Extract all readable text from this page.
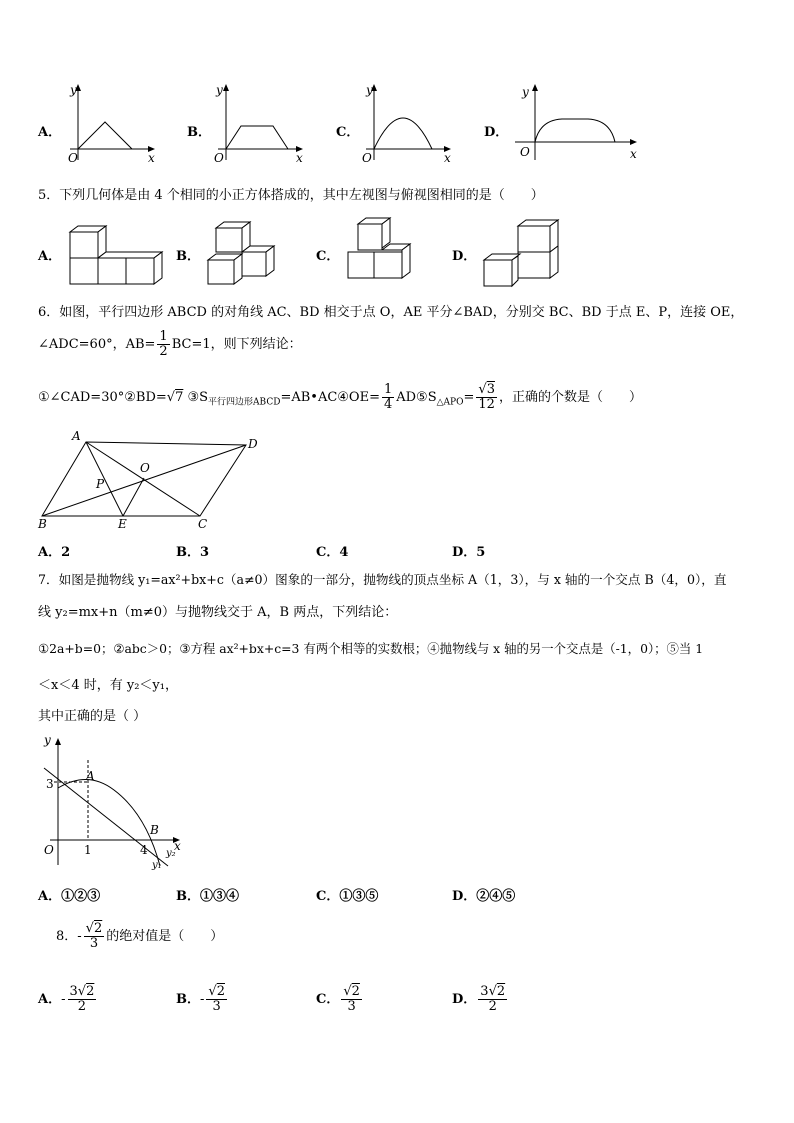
A．
O
y
x
B．
O
y
x
C．
O
y
x
D．
O
y
x
5．下列几何体是由 4 个相同的小正方体搭成的，其中左视图与俯视图相同的是（　　）
A．	B．	C．	D．
6．如图，平行四边形 ABCD 的对角线 AC、BD 相交于点 O，AE 平分∠BAD，分别交 BC、BD 于点 E、P，连接 OE，
∠ADC=60°，$AB= \frac{1}{2} BC=1$，则下列结论：
①∠CAD=30°②BD=√7 $③S_{平行四边形ABCD}=AB•AC④OE= \frac{1}{4}$ $AD⑤S_{\triangle APO}= \frac{√3}{12}$ ，正确的个数是（　　）
A
D
O
P
B	E	C
A．2	B．3	C．4	D．5
7．如图是抛物线 y₁=ax²+bx+c（a≠0）图象的一部分，抛物线的顶点坐标 A（1，3），与 x 轴的一个交点 B（4，0），直
线 y₂=mx+n（m≠0）与抛物线交于 A，B 两点，下列结论：
①2a+b=0；②abc＞0；③方程 ax²+bx+c=3 有两个相等的实数根；④抛物线与 x 轴的另一个交点是（-1，0）；⑤当 1
＜x＜4 时，有 y₂＜y₁，
其中正确的是（ ）
y
x
O
A
B
y₂
y₁
3
1	4
A．①②③	B．①③④	C．①③⑤	D．②④⑤
8．- $\frac{√2}{3}$ 的绝对值是（　　）
A．- $\frac{3√2}{2}$	B．- $\frac{√2}{3}$	C． $\frac{√2}{3}$	D． $\frac{3√2}{2}$
